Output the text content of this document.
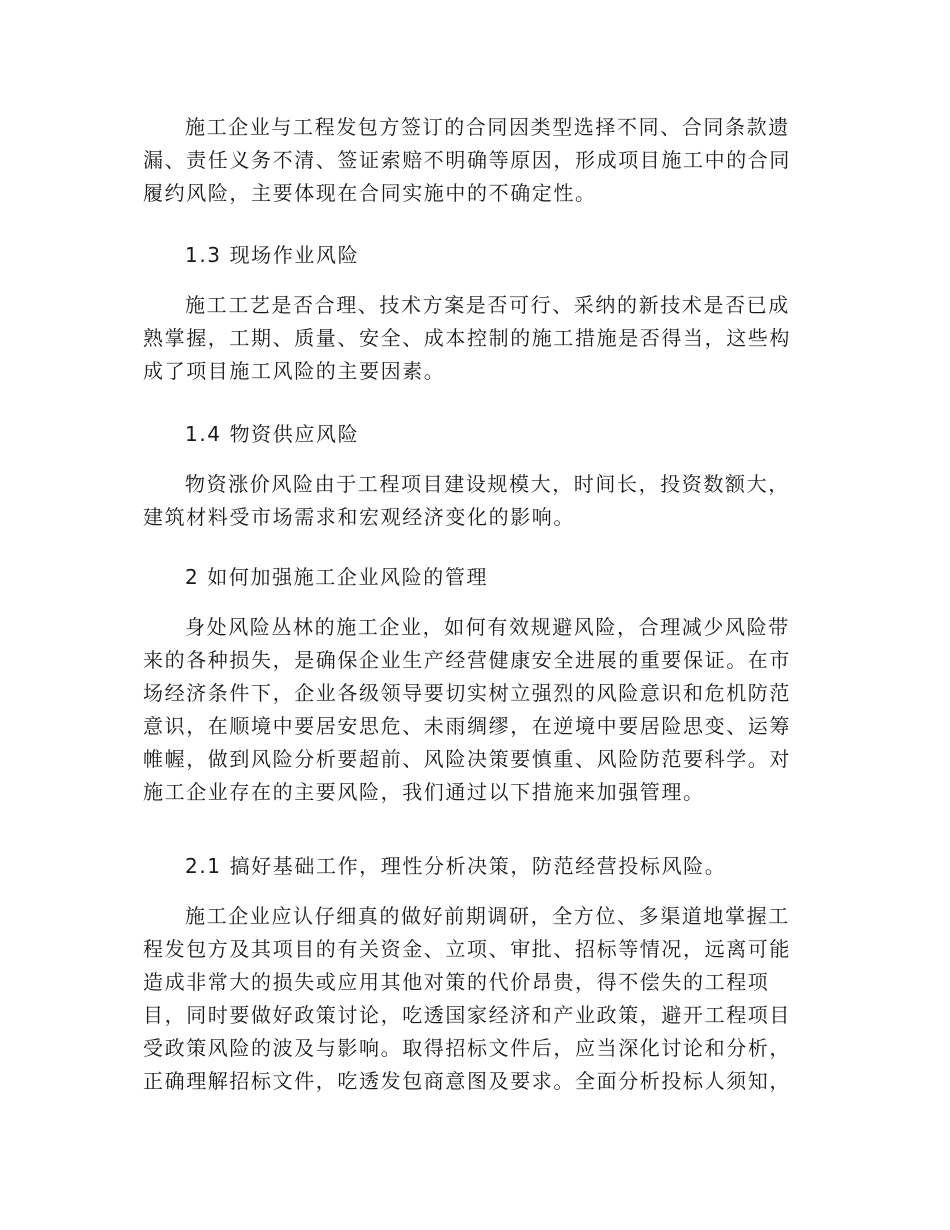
施工企业与工程发包方签订的合同因类型选择不同、合同条款遗
漏、责任义务不清、签证索赔不明确等原因，形成项目施工中的合同
履约风险，主要体现在合同实施中的不确定性。
1.3 现场作业风险
施工工艺是否合理、技术方案是否可行、采纳的新技术是否已成
熟掌握，工期、质量、安全、成本控制的施工措施是否得当，这些构
成了项目施工风险的主要因素。
1.4 物资供应风险
物资涨价风险由于工程项目建设规模大，时间长，投资数额大，
建筑材料受市场需求和宏观经济变化的影响。
2 如何加强施工企业风险的管理
身处风险丛林的施工企业，如何有效规避风险，合理减少风险带
来的各种损失，是确保企业生产经营健康安全进展的重要保证。在市
场经济条件下，企业各级领导要切实树立强烈的风险意识和危机防范
意识，在顺境中要居安思危、未雨绸缪，在逆境中要居险思变、运筹
帷幄，做到风险分析要超前、风险决策要慎重、风险防范要科学。对
施工企业存在的主要风险，我们通过以下措施来加强管理。
2.1 搞好基础工作，理性分析决策，防范经营投标风险。
施工企业应认仔细真的做好前期调研，全方位、多渠道地掌握工
程发包方及其项目的有关资金、立项、审批、招标等情况，远离可能
造成非常大的损失或应用其他对策的代价昂贵，得不偿失的工程项
目，同时要做好政策讨论，吃透国家经济和产业政策，避开工程项目
受政策风险的波及与影响。取得招标文件后，应当深化讨论和分析，
正确理解招标文件，吃透发包商意图及要求。全面分析投标人须知，
